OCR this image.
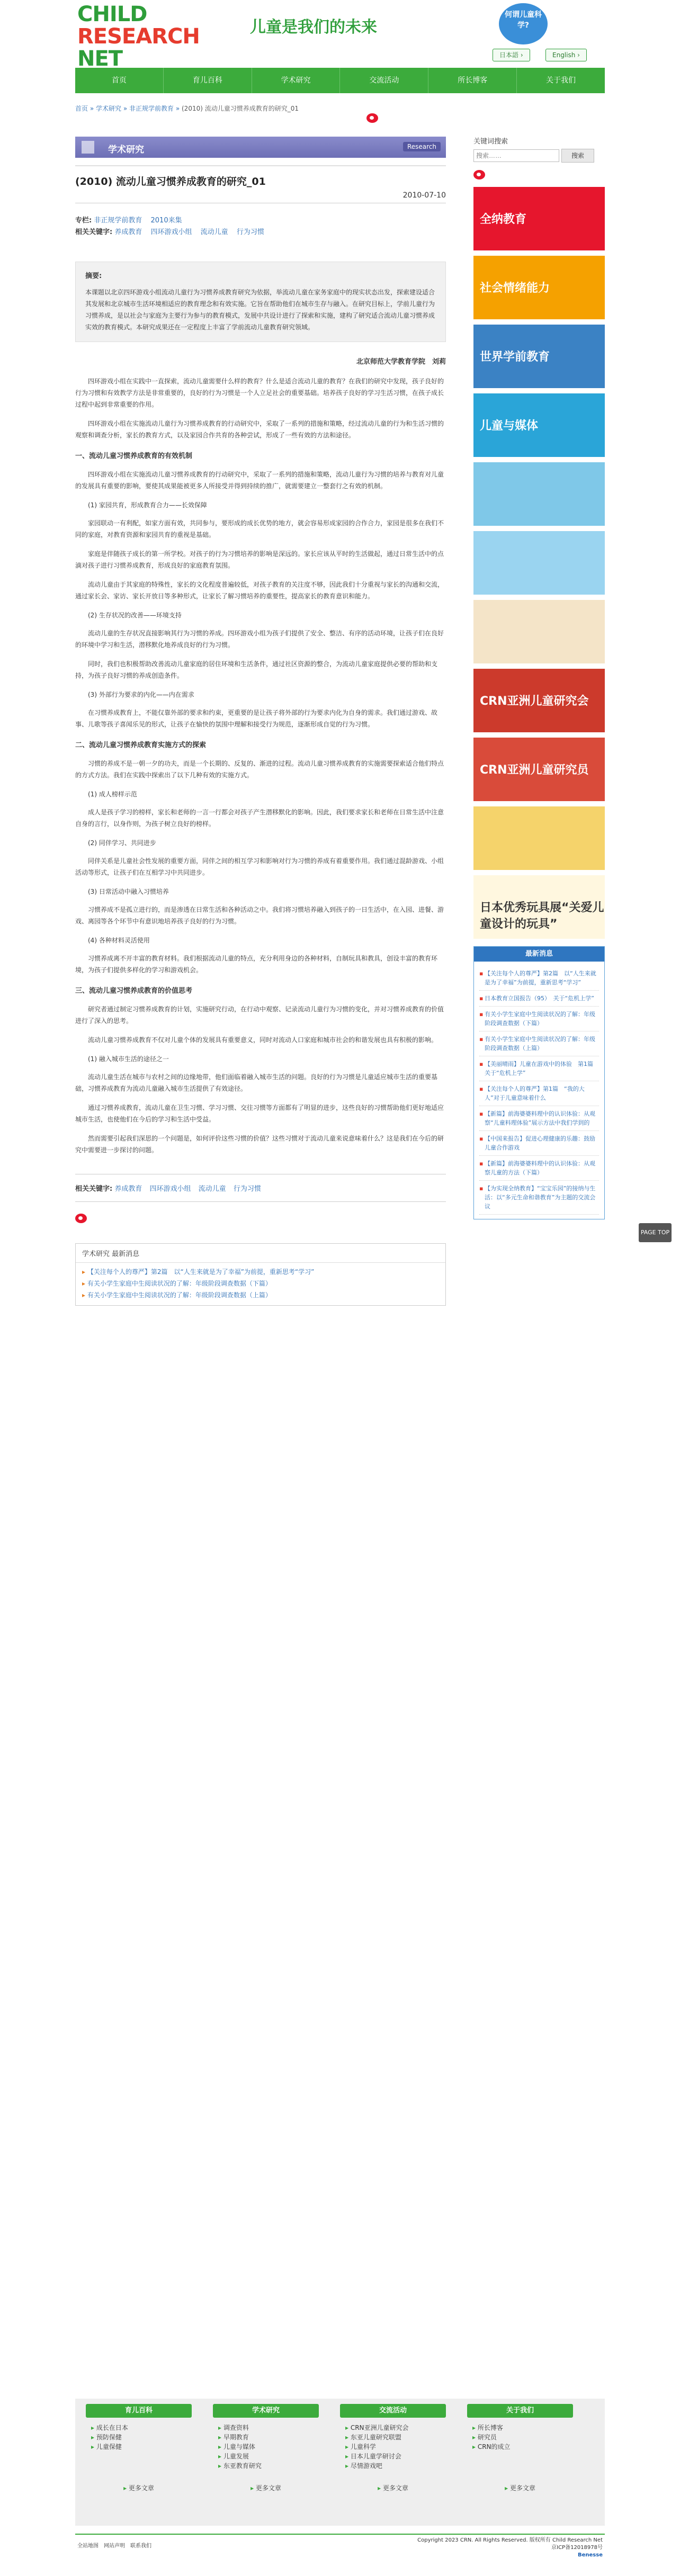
CHILD
RESEARCH
NET
儿童是我们的未来
何谓儿童科学?
日本語 ›	English ›
首页	育儿百科	学术研究	交流活动	所长博客	关于我们
首页 » 学术研究 » 非正规学前教育 » (2010) 流动儿童习惯养成教育的研究_01
学术研究	Research
(2010) 流动儿童习惯养成教育的研究_01
2010-07-10
专栏: 非正规学前教育 2010来集
相关关键字: 养成教育 四环游戏小组 流动儿童 行为习惯
摘要:
本课题以北京四环游戏小组流动儿童行为习惯养成教育研究为依据，举流动儿童在家务家庭中的现实状态出发，探索建设适合其发展和北京城市生活环境相适应的教育理念和有效实施。它旨在帮助他们在城市生存与融入。在研究目标上，学前儿童行为习惯养成，是以社会与家庭为主要行为参与的教育模式，发展中共设计进行了探索和实施，建构了研究适合流动儿童习惯养成实效的教育模式。本研究成果还在一定程度上丰富了学前流动儿童教育研究领域。
北京师范大学教育学院　刘莉

四环游戏小组在实践中一直探索，流动儿童需要什么样的教育？什么是适合流动儿童的教育？在我们的研究中发现，孩子良好的行为习惯和有效教学方法是非常重要的，良好的行为习惯是一个人立足社会的重要基础。培养孩子良好的学习生活习惯，在孩子成长过程中起到非常重要的作用。

四环游戏小组在实施流动儿童行为习惯养成教育的行动研究中，采取了一系列的措施和策略，经过流动儿童的行为和生活习惯的观察和调查分析，家长的教育方式，以及家园合作共育的各种尝试，形成了一些有效的方法和途径。

一、流动儿童习惯养成教育的有效机制

四环游戏小组在实施流动儿童习惯养成教育的行动研究中，采取了一系列的措施和策略，流动儿童行为习惯的培养与教育对儿童的发展具有重要的影响，要使其成果能被更多人所接受并得到持续的推广，就需要建立一整套行之有效的机制。

(1) 家园共育，形成教育合力——长效保障

家园联动一有利配，如家方面有效，共同参与，要形成的成长优势的地方，就会容易形成家园的合作合力，家园是很多在我们不同的家庭，对教育资源和家园共育的重视是基础。

家庭是伴随孩子成长的第一所学校。对孩子的行为习惯培养的影响是深远的。家长应该从平时的生活做起，通过日常生活中的点滴对孩子进行习惯养成教育，形成良好的家庭教育氛围。

流动儿童由于其家庭的特殊性，家长的文化程度普遍较低，对孩子教育的关注度不够，因此我们十分重视与家长的沟通和交流，通过家长会、家访、家长开放日等多种形式，让家长了解习惯培养的重要性，提高家长的教育意识和能力。

(2) 生存状况的改善——环境支持

流动儿童的生存状况直接影响其行为习惯的养成。四环游戏小组为孩子们提供了安全、整洁、有序的活动环境，让孩子们在良好的环境中学习和生活，潜移默化地养成良好的行为习惯。

同时，我们也积极帮助改善流动儿童家庭的居住环境和生活条件，通过社区资源的整合，为流动儿童家庭提供必要的帮助和支持，为孩子良好习惯的养成创造条件。

(3) 外部行为要求的内化——内在需求

在习惯养成教育上，不能仅靠外部的要求和约束，更重要的是让孩子将外部的行为要求内化为自身的需求。我们通过游戏、故事、儿歌等孩子喜闻乐见的形式，让孩子在愉快的氛围中理解和接受行为规范，逐渐形成自觉的行为习惯。

二、流动儿童习惯养成教育实施方式的探索

习惯的养成不是一朝一夕的功夫，而是一个长期的、反复的、渐进的过程。流动儿童习惯养成教育的实施需要探索适合他们特点的方式方法。我们在实践中探索出了以下几种有效的实施方式。

(1) 成人榜样示范

成人是孩子学习的榜样，家长和老师的一言一行都会对孩子产生潜移默化的影响。因此，我们要求家长和老师在日常生活中注意自身的言行，以身作则，为孩子树立良好的榜样。

(2) 同伴学习、共同进步

同伴关系是儿童社会性发展的重要方面，同伴之间的相互学习和影响对行为习惯的养成有着重要作用。我们通过混龄游戏、小组活动等形式，让孩子们在互相学习中共同进步。

(3) 日常活动中融入习惯培养

习惯养成不是孤立进行的，而是渗透在日常生活和各种活动之中。我们将习惯培养融入到孩子的一日生活中，在入园、进餐、游戏、离园等各个环节中有意识地培养孩子良好的行为习惯。

(4) 各种材料灵活使用

习惯养成离不开丰富的教育材料。我们根据流动儿童的特点，充分利用身边的各种材料，自制玩具和教具，创设丰富的教育环境，为孩子们提供多样化的学习和游戏机会。

三、流动儿童习惯养成教育的价值思考

研究者通过制定习惯养成教育的计划，实施研究行动，在行动中观察、记录流动儿童行为习惯的变化，并对习惯养成教育的价值进行了深入的思考。

流动儿童习惯养成教育不仅对儿童个体的发展具有重要意义，同时对流动人口家庭和城市社会的和谐发展也具有积极的影响。

(1) 融入城市生活的途径之一

流动儿童生活在城市与农村之间的边缘地带，他们面临着融入城市生活的问题。良好的行为习惯是儿童适应城市生活的重要基础，习惯养成教育为流动儿童融入城市生活提供了有效途径。

通过习惯养成教育，流动儿童在卫生习惯、学习习惯、交往习惯等方面都有了明显的进步，这些良好的习惯帮助他们更好地适应城市生活，也使他们在今后的学习和生活中受益。

然而需要引起我们深思的一个问题是，如何评价这些习惯的价值？这些习惯对于流动儿童来说意味着什么？这是我们在今后的研究中需要进一步探讨的问题。

相关关键字: 养成教育 四环游戏小组 流动儿童 行为习惯
学术研究 最新消息
▸ 【关注每个人的尊严】第2篇　以“人生来就是为了幸福”为前提，重新思考“学习”
▸ 有关小学生家庭中生阅读状况的了解：年级阶段调查数据（下篇）
▸ 有关小学生家庭中生阅读状况的了解：年级阶段调查数据（上篇）
关键词搜索
搜索……
搜索
全纳教育
社会情绪能力
世界学前教育
儿童与媒体
CRN亚洲儿童研究会
CRN亚洲儿童研究员
日本优秀玩具展“关爱儿童设计的玩具”
最新消息
▪ 【关注每个人的尊严】第2篇　以“人生来就是为了幸福”为前提，重新思考“学习”
▪ 日本教育立国报告（95）　关于“危机上学”
▪ 有关小学生家庭中生阅读状况的了解：年级阶段调查数据（下篇）
▪ 有关小学生家庭中生阅读状况的了解：年级阶段调查数据（上篇）
▪ 【美丽晴雨】儿童在游戏中的体验　第1篇　关于“危机上学”
▪ 【关注每个人的尊严】第1篇　“我的大人”对于儿童意味着什么
▪ 【新篇】前海婆婆料理中的认识体验：从观察“儿童料理体验”展示方法中我们学到的
▪ 【中国来报告】促进心理健康的乐趣：鼓励儿童合作游戏
▪ 【新篇】前海婆婆料理中的认识体验：从观察儿童的方法（下篇）
▪ 【为实现全纳教育】“宝宝乐园”的接纳与生活：以“多元生命和谐教育”为主题的交流会议
育儿百科
▸ 成长在日本
▸ 预防保健
▸ 儿童保健
学术研究
▸ 调查资料
▸ 早期教育
▸ 儿童与媒体
▸ 儿童发展
▸ 东亚教育研究
交流活动
▸ CRN亚洲儿童研究会
▸ 东亚儿童研究联盟
▸ 儿童科学
▸ 日本儿童学研讨会
▸ 尽情游戏吧
关于我们
▸ 所长博客
▸ 研究员
▸ CRN的成立
▸ 更多文章	▸ 更多文章	▸ 更多文章	▸ 更多文章
全站地图　网站声明　联系我们
Copyright 2023 CRN. All Rights Reserved. 版权所有 Child Research Net
京ICP备12018978号
Benesse
PAGE TOP
